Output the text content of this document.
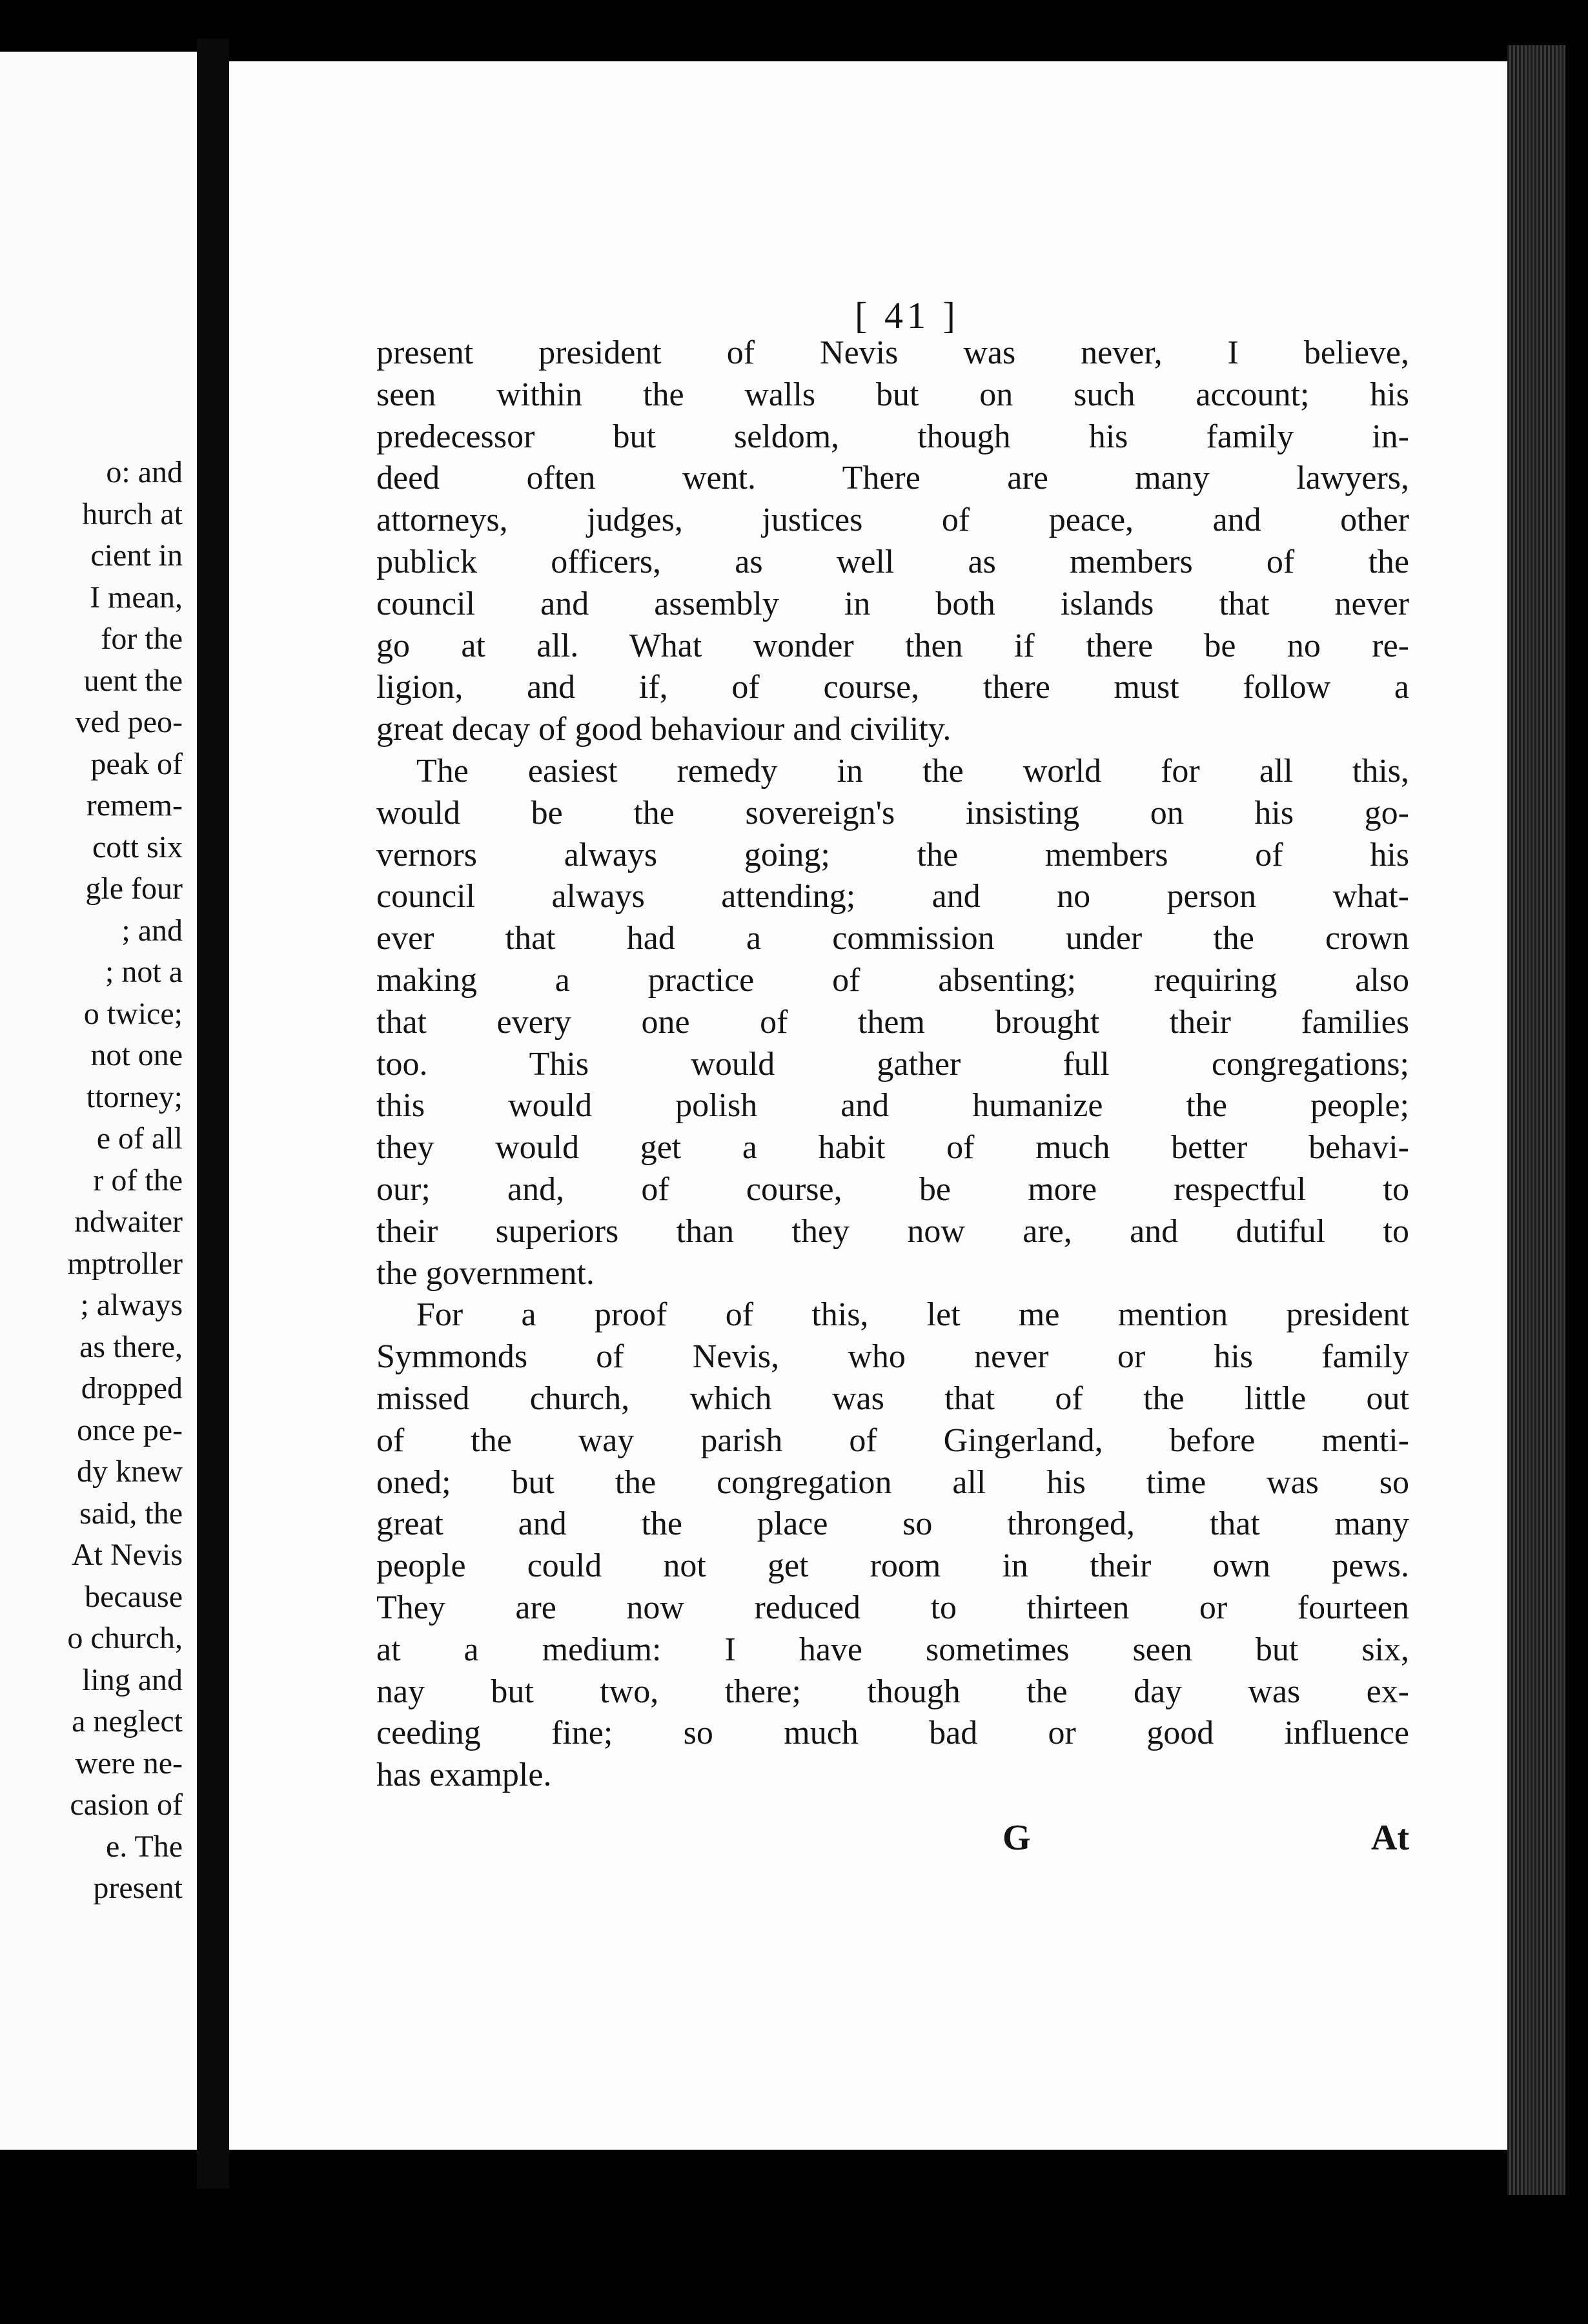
o: and
hurch at
cient in
I mean,
for the
uent the
ved peo-
peak of
remem-
cott six
gle four
; and
; not a
o twice;
not one
ttorney;
e of all
r of the
ndwaiter
mptroller
; always
as there,
dropped
once pe-
dy knew
said, the
At Nevis
because
o church,
ling and
a neglect
were ne-
casion of
e. The
present
[ 41 ]
present president of Nevis was never, I believe,
seen within the walls but on such account; his
predecessor but seldom, though his family in-
deed often went. There are many lawyers,
attorneys, judges, justices of peace, and other
publick officers, as well as members of the
council and assembly in both islands that never
go at all. What wonder then if there be no re-
ligion, and if, of course, there must follow a
great decay of good behaviour and civility.
The easiest remedy in the world for all this,
would be the sovereign's insisting on his go-
vernors always going; the members of his
council always attending; and no person what-
ever that had a commission under the crown
making a practice of absenting; requiring also
that every one of them brought their families
too. This would gather full congregations;
this would polish and humanize the people;
they would get a habit of much better behavi-
our; and, of course, be more respectful to
their superiors than they now are, and dutiful to
the government.
For a proof of this, let me mention president
Symmonds of Nevis, who never or his family
missed church, which was that of the little out
of the way parish of Gingerland, before menti-
oned; but the congregation all his time was so
great and the place so thronged, that many
people could not get room in their own pews.
They are now reduced to thirteen or fourteen
at a medium: I have sometimes seen but six,
nay but two, there; though the day was ex-
ceeding fine; so much bad or good influence
has example.
G	At
